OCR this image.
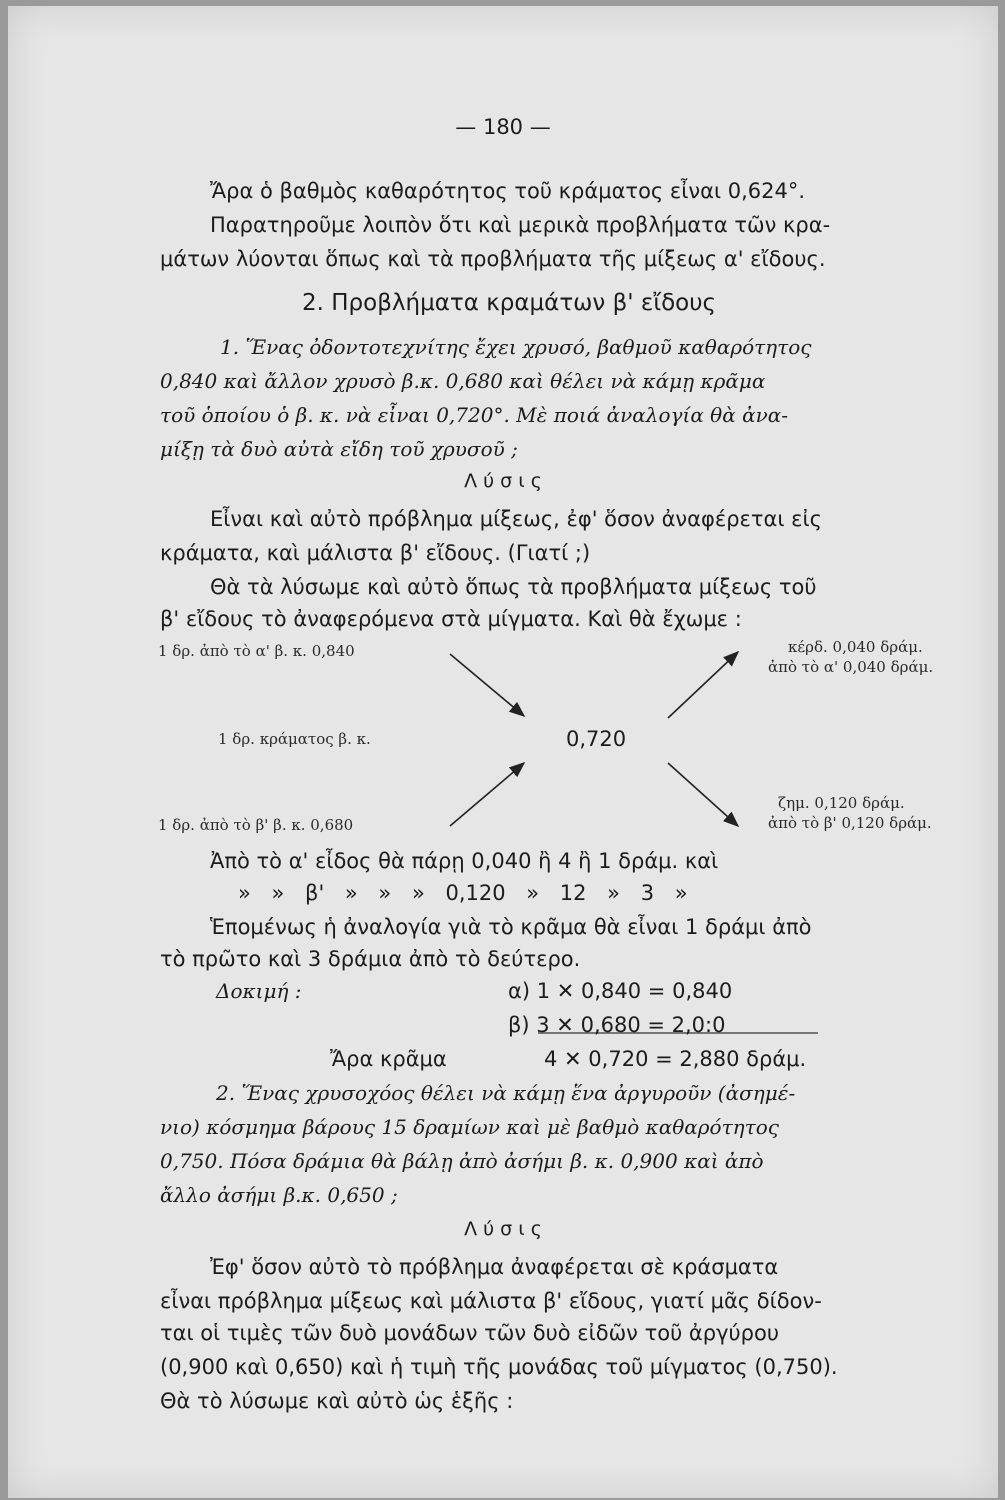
— 180 —
Ἄρα ὁ βαθμὸς καθαρότητος τοῦ κράματος εἶναι 0,624°.
Παρατηροῦμε λοιπὸν ὅτι καὶ μερικὰ προβλήματα τῶν κρα-
μάτων λύονται ὅπως καὶ τὰ προβλήματα τῆς μίξεως α' εἴδους.
2. Προβλήματα κραμάτων β' εἴδους
1. Ἕνας ὀδοντοτεχνίτης ἔχει χρυσό, βαθμοῦ καθαρότητος
0,840 καὶ ἄλλον χρυσὸ β.κ. 0,680 καὶ θέλει νὰ κάμῃ κρᾶμα
τοῦ ὁποίου ὁ β. κ. νὰ εἶναι 0,720°. Μὲ ποιά ἀναλογία θὰ ἀνα-
μίξῃ τὰ δυὸ αὐτὰ εἴδη τοῦ χρυσοῦ ;
Λ ύ σ ι ς
Εἶναι καὶ αὐτὸ πρόβλημα μίξεως, ἐφ' ὅσον ἀναφέρεται εἰς
κράματα, καὶ μάλιστα β' εἴδους. (Γιατί ;)
Θὰ τὰ λύσωμε καὶ αὐτὸ ὅπως τὰ προβλήματα μίξεως τοῦ
β' εἴδους τὸ ἀναφερόμενα στὰ μίγματα. Καὶ θὰ ἔχωμε :
1 δρ. ἀπὸ τὸ α' β. κ. 0,840
1 δρ. κράματος β. κ.
1 δρ. ἀπὸ τὸ β' β. κ. 0,680
0,720
κέρδ. 0,040 δράμ.
ἀπὸ τὸ α' 0,040 δράμ.
ζημ. 0,120 δράμ.
ἀπὸ τὸ β' 0,120 δράμ.
Ἀπὸ τὸ α' εἶδος θὰ πάρῃ 0,040 ἢ 4 ἢ 1 δράμ. καὶ
» » β' » » » 0,120 » 12 » 3 »
Ἑπομένως ἡ ἀναλογία γιὰ τὸ κρᾶμα θὰ εἶναι 1 δράμι ἀπὸ
τὸ πρῶτο καὶ 3 δράμια ἀπὸ τὸ δεύτερο.
Δοκιμή :	α) 1 ✕ 0,840 = 0,840
β) 3 ✕ 0,680 = 2,0:0
Ἄρα κρᾶμα	4 ✕ 0,720 = 2,880 δράμ.
2. Ἕνας χρυσοχόος θέλει νὰ κάμῃ ἕνα ἀργυροῦν (ἀσημέ-
νιο) κόσμημα βάρους 15 δραμίων καὶ μὲ βαθμὸ καθαρότητος
0,750. Πόσα δράμια θὰ βάλῃ ἀπὸ ἀσήμι β. κ. 0,900 καὶ ἀπὸ
ἄλλο ἀσήμι β.κ. 0,650 ;
Λ ύ σ ι ς
Ἐφ' ὅσον αὐτὸ τὸ πρόβλημα ἀναφέρεται σὲ κράσματα
εἶναι πρόβλημα μίξεως καὶ μάλιστα β' εἴδους, γιατί μᾶς δίδον-
ται οἱ τιμὲς τῶν δυὸ μονάδων τῶν δυὸ εἰδῶν τοῦ ἀργύρου
(0,900 καὶ 0,650) καὶ ἡ τιμὴ τῆς μονάδας τοῦ μίγματος (0,750).
Θὰ τὸ λύσωμε καὶ αὐτὸ ὡς ἑξῆς :
